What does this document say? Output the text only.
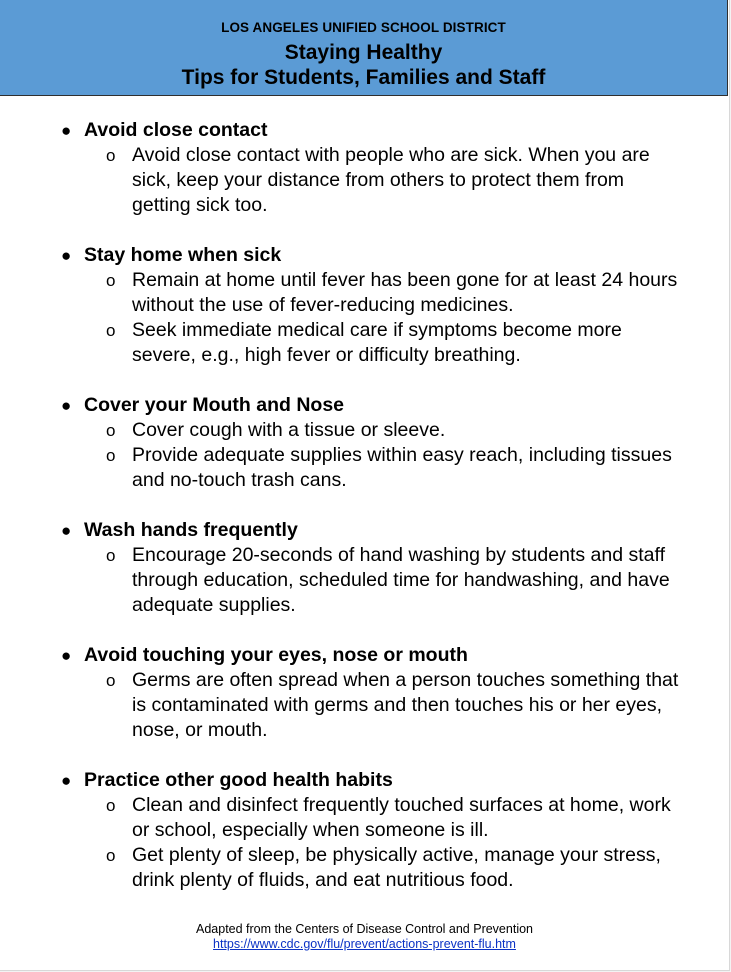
LOS ANGELES UNIFIED SCHOOL DISTRICT
Staying Healthy
Tips for Students, Families and Staff
● Avoid close contact
o Avoid close contact with people who are sick. When you are sick, keep your distance from others to protect them from getting sick too.
● Stay home when sick
o Remain at home until fever has been gone for at least 24 hours without the use of fever-reducing medicines.
o Seek immediate medical care if symptoms become more severe, e.g., high fever or difficulty breathing.
● Cover your Mouth and Nose
o Cover cough with a tissue or sleeve.
o Provide adequate supplies within easy reach, including tissues and no-touch trash cans.
● Wash hands frequently
o Encourage 20-seconds of hand washing by students and staff through education, scheduled time for handwashing, and have adequate supplies.
● Avoid touching your eyes, nose or mouth
o Germs are often spread when a person touches something that is contaminated with germs and then touches his or her eyes, nose, or mouth.
● Practice other good health habits
o Clean and disinfect frequently touched surfaces at home, work or school, especially when someone is ill.
o Get plenty of sleep, be physically active, manage your stress, drink plenty of fluids, and eat nutritious food.
Adapted from the Centers of Disease Control and Prevention
https://www.cdc.gov/flu/prevent/actions-prevent-flu.htm
